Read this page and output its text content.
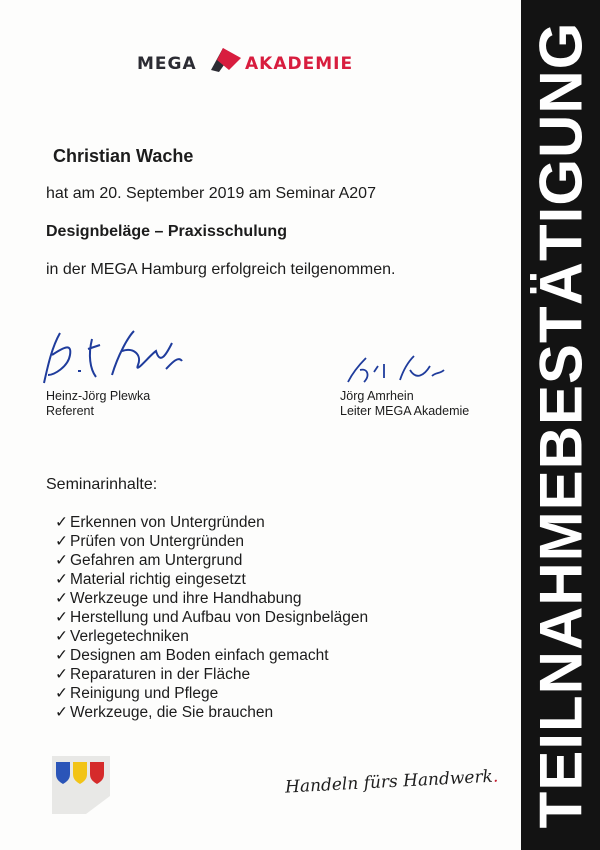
TEILNAHMEBESTÄTIGUNG
MEGA	AKADEMIE
Christian Wache
hat am 20. September 2019 am Seminar A207
Designbeläge – Praxisschulung
in der MEGA Hamburg erfolgreich teilgenommen.
Heinz-Jörg Plewka
Referent
Jörg Amrhein
Leiter MEGA Akademie
Seminarinhalte:
✓ Erkennen von Untergründen
✓ Prüfen von Untergründen
✓ Gefahren am Untergrund
✓ Material richtig eingesetzt
✓ Werkzeuge und ihre Handhabung
✓ Herstellung und Aufbau von Designbelägen
✓ Verlegetechniken
✓ Designen am Boden einfach gemacht
✓ Reparaturen in der Fläche
✓ Reinigung und Pflege
✓ Werkzeuge, die Sie brauchen
Handeln fürs Handwerk.
